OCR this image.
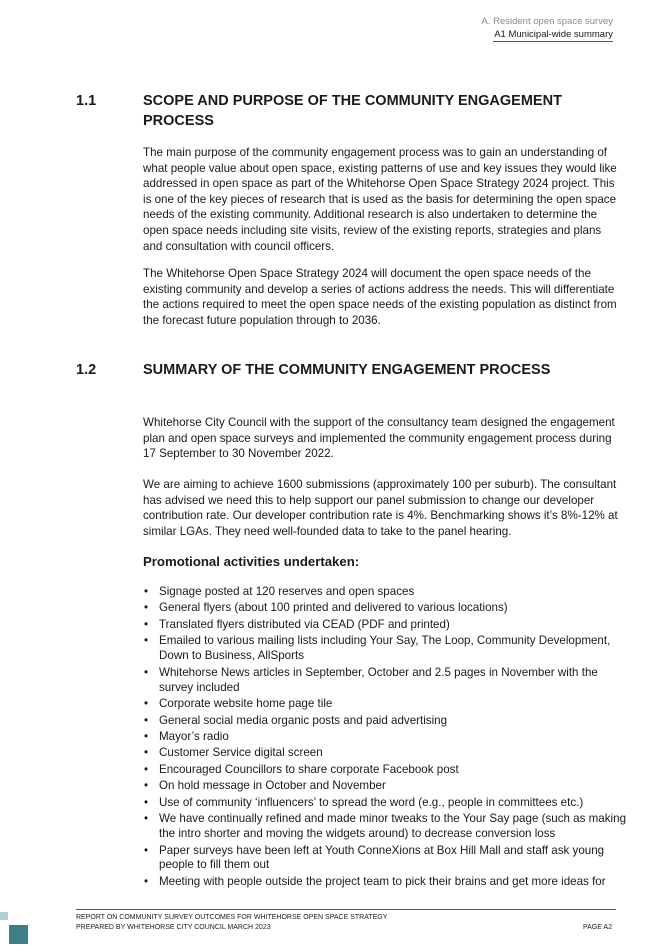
A. Resident open space survey
A1 Municipal-wide summary
1.1	SCOPE AND PURPOSE OF THE COMMUNITY ENGAGEMENT PROCESS

The main purpose of the community engagement process was to gain an understanding of what people value about open space, existing patterns of use and key issues they would like addressed in open space as part of the Whitehorse Open Space Strategy 2024 project. This is one of the key pieces of research that is used as the basis for determining the open space needs of the existing community. Additional research is also undertaken to determine the open space needs including site visits, review of the existing reports, strategies and plans and consultation with council officers.

The Whitehorse Open Space Strategy 2024 will document the open space needs of the existing community and develop a series of actions address the needs. This will differentiate the actions required to meet the open space needs of the existing population as distinct from the forecast future population through to 2036.

1.2	SUMMARY OF THE COMMUNITY ENGAGEMENT PROCESS

Whitehorse City Council with the support of the consultancy team designed the engagement plan and open space surveys and implemented the community engagement process during 17 September to 30 November 2022.

We are aiming to achieve 1600 submissions (approximately 100 per suburb). The consultant has advised we need this to help support our panel submission to change our developer contribution rate. Our developer contribution rate is 4%. Benchmarking shows it’s 8%-12% at similar LGAs. They need well-founded data to take to the panel hearing.

Promotional activities undertaken:
• Signage posted at 120 reserves and open spaces
• General flyers (about 100 printed and delivered to various locations)
• Translated flyers distributed via CEAD (PDF and printed)
• Emailed to various mailing lists including Your Say, The Loop, Community Development, Down to Business, AllSports
• Whitehorse News articles in September, October and 2.5 pages in November with the survey included
• Corporate website home page tile
• General social media organic posts and paid advertising
• Mayor’s radio
• Customer Service digital screen
• Encouraged Councillors to share corporate Facebook post
• On hold message in October and November
• Use of community ‘influencers’ to spread the word (e.g., people in committees etc.)
• We have continually refined and made minor tweaks to the Your Say page (such as making the intro shorter and moving the widgets around) to decrease conversion loss
• Paper surveys have been left at Youth ConneXions at Box Hill Mall and staff ask young people to fill them out
• Meeting with people outside the project team to pick their brains and get more ideas for
REPORT ON COMMUNITY SURVEY OUTCOMES FOR WHITEHORSE OPEN SPACE STRATEGY
PREPARED BY WHITEHORSE CITY COUNCIL MARCH 2023	PAGE A2
